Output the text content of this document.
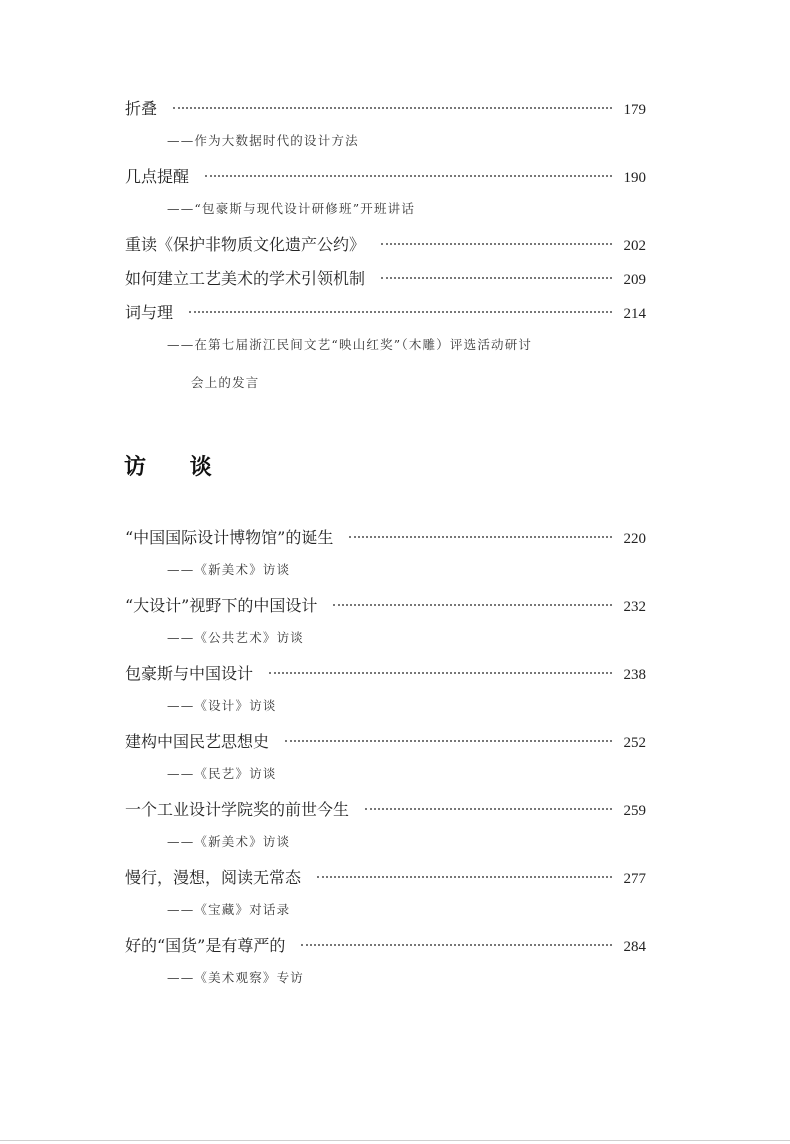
折叠	179
——作为大数据时代的设计方法
几点提醒	190
——“包豪斯与现代设计研修班”开班讲话
重读《保护非物质文化遗产公约》	202
如何建立工艺美术的学术引领机制	209
词与理	214
——在第七届浙江民间文艺“映山红奖”（木雕）评选活动研讨
会上的发言
访 谈
“中国国际设计博物馆”的诞生	220
——《新美术》访谈
“大设计”视野下的中国设计	232
——《公共艺术》访谈
包豪斯与中国设计	238
——《设计》访谈
建构中国民艺思想史	252
——《民艺》访谈
一个工业设计学院奖的前世今生	259
——《新美术》访谈
慢行，漫想，阅读无常态	277
——《宝藏》对话录
好的“国货”是有尊严的	284
——《美术观察》专访
